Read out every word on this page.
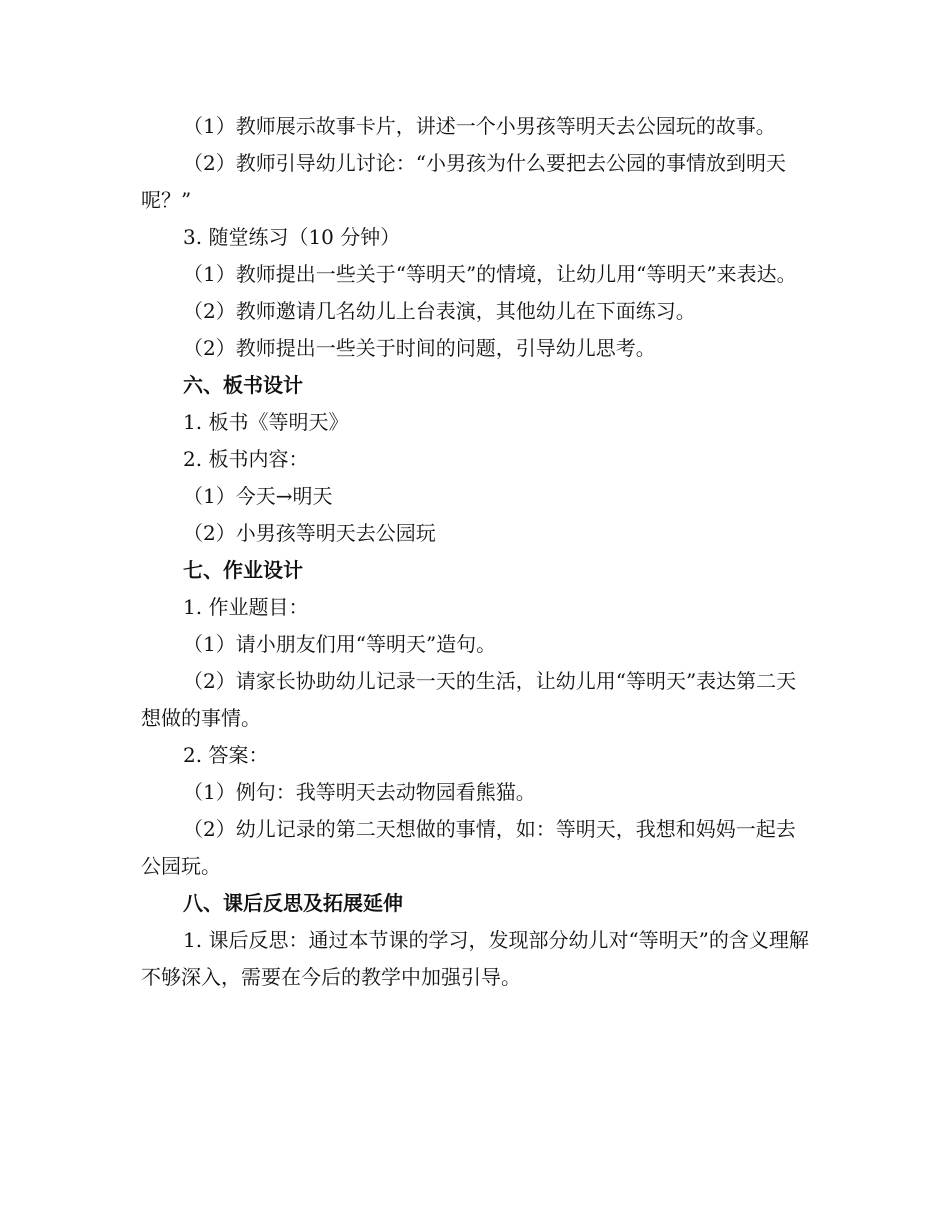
（1）教师展示故事卡片，讲述一个小男孩等明天去公园玩的故事。

（2）教师引导幼儿讨论：“小男孩为什么要把去公园的事情放到明天呢？”

3. 随堂练习（10 分钟）

（1）教师提出一些关于“等明天”的情境，让幼儿用“等明天”来表达。

（2）教师邀请几名幼儿上台表演，其他幼儿在下面练习。

（2）教师提出一些关于时间的问题，引导幼儿思考。

六、板书设计

1. 板书《等明天》

2. 板书内容：

（1）今天→明天

（2）小男孩等明天去公园玩

七、作业设计

1. 作业题目：

（1）请小朋友们用“等明天”造句。

（2）请家长协助幼儿记录一天的生活，让幼儿用“等明天”表达第二天想做的事情。

2. 答案：

（1）例句：我等明天去动物园看熊猫。

（2）幼儿记录的第二天想做的事情，如：等明天，我想和妈妈一起去公园玩。

八、课后反思及拓展延伸

1. 课后反思：通过本节课的学习，发现部分幼儿对“等明天”的含义理解不够深入，需要在今后的教学中加强引导。
